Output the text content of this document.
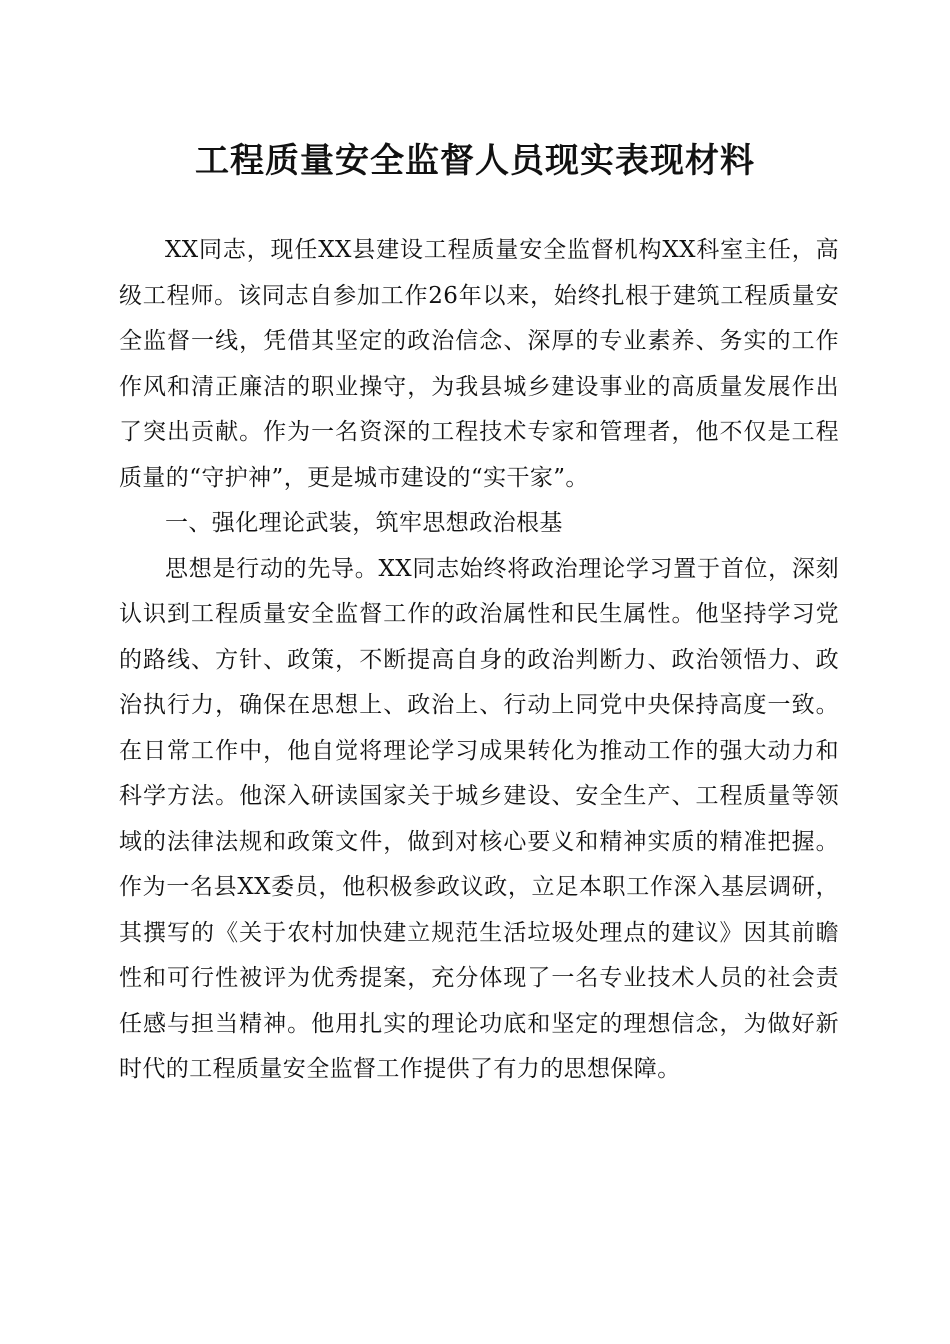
工程质量安全监督人员现实表现材料

XX同志，现任XX县建设工程质量安全监督机构XX科室主任，高级工程师。该同志自参加工作26年以来，始终扎根于建筑工程质量安全监督一线，凭借其坚定的政治信念、深厚的专业素养、务实的工作作风和清正廉洁的职业操守，为我县城乡建设事业的高质量发展作出了突出贡献。作为一名资深的工程技术专家和管理者，他不仅是工程质量的“守护神”，更是城市建设的“实干家”。

一、强化理论武装，筑牢思想政治根基

思想是行动的先导。XX同志始终将政治理论学习置于首位，深刻认识到工程质量安全监督工作的政治属性和民生属性。他坚持学习党的路线、方针、政策，不断提高自身的政治判断力、政治领悟力、政治执行力，确保在思想上、政治上、行动上同党中央保持高度一致。在日常工作中，他自觉将理论学习成果转化为推动工作的强大动力和科学方法。他深入研读国家关于城乡建设、安全生产、工程质量等领域的法律法规和政策文件，做到对核心要义和精神实质的精准把握。作为一名县XX委员，他积极参政议政，立足本职工作深入基层调研，其撰写的《关于农村加快建立规范生活垃圾处理点的建议》因其前瞻性和可行性被评为优秀提案，充分体现了一名专业技术人员的社会责任感与担当精神。他用扎实的理论功底和坚定的理想信念，为做好新时代的工程质量安全监督工作提供了有力的思想保障。
